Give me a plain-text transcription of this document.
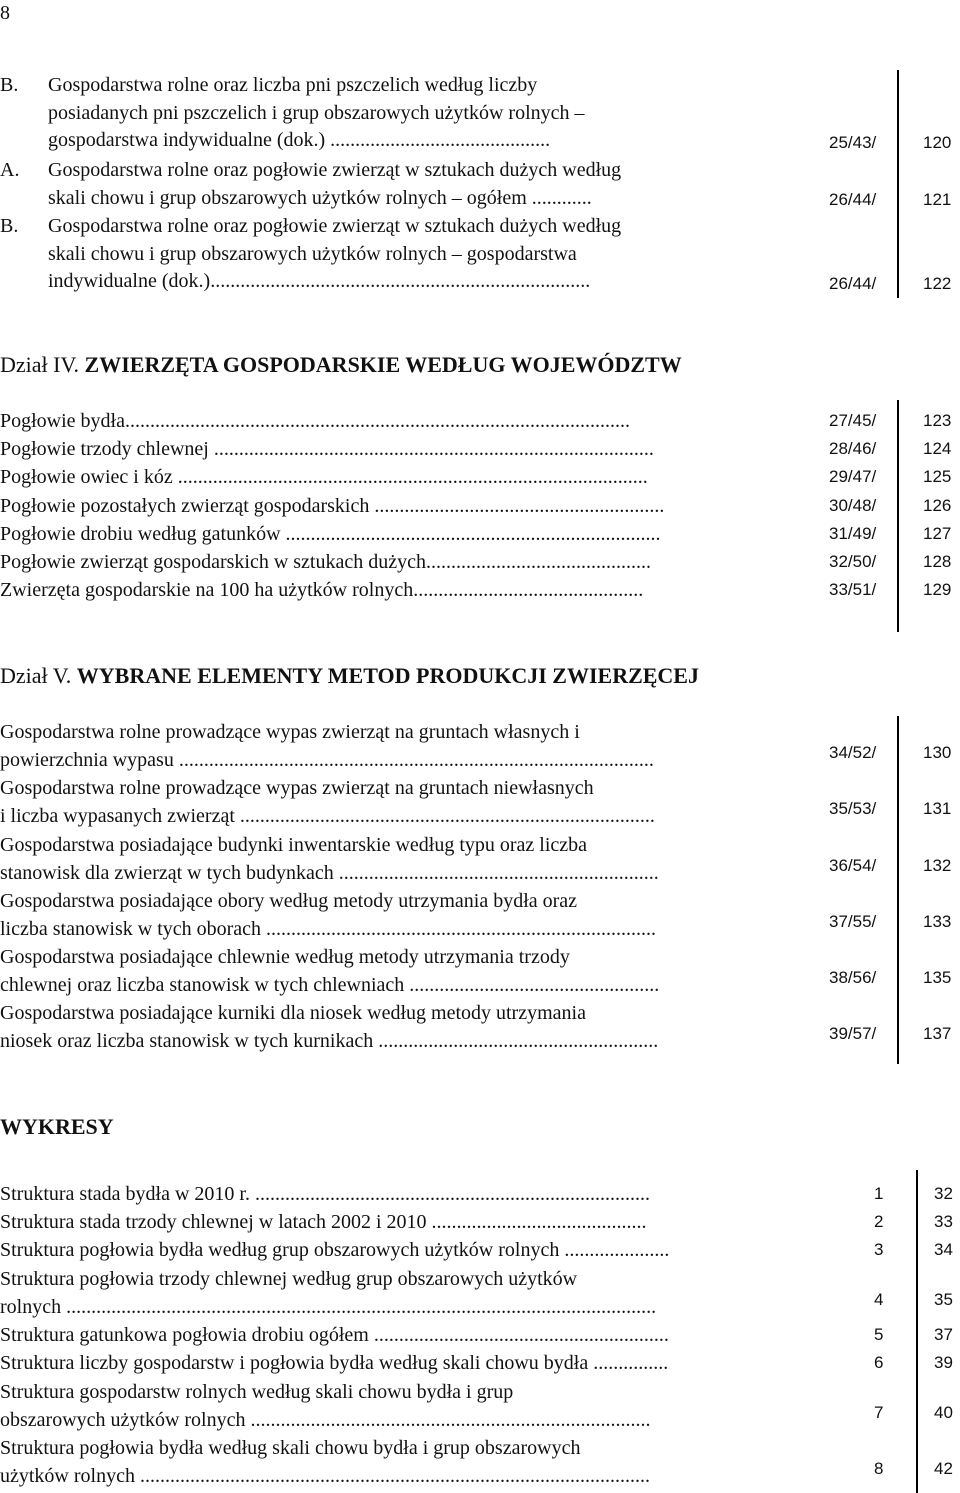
8
B. Gospodarstwa rolne oraz liczba pni pszczelich według liczby
posiadanych pni pszczelich i grup obszarowych użytków rolnych –
gospodarstwa indywidualne (dok.) ............................................	25/43/	120
A. Gospodarstwa rolne oraz pogłowie zwierząt w sztukach dużych według
skali chowu i grup obszarowych użytków rolnych – ogółem ............	26/44/	121
B. Gospodarstwa rolne oraz pogłowie zwierząt w sztukach dużych według
skali chowu i grup obszarowych użytków rolnych – gospodarstwa
indywidualne (dok.)............................................................................	26/44/	122
Dział IV. ZWIERZĘTA GOSPODARSKIE WEDŁUG WOJEWÓDZTW
Pogłowie bydła.....................................................................................................	27/45/	123
Pogłowie trzody chlewnej ........................................................................................	28/46/	124
Pogłowie owiec i kóz ..............................................................................................	29/47/	125
Pogłowie pozostałych zwierząt gospodarskich ..........................................................	30/48/	126
Pogłowie drobiu według gatunków ...........................................................................	31/49/	127
Pogłowie zwierząt gospodarskich w sztukach dużych.............................................	32/50/	128
Zwierzęta gospodarskie na 100 ha użytków rolnych..............................................	33/51/	129
Dział V. WYBRANE ELEMENTY METOD PRODUKCJI ZWIERZĘCEJ
Gospodarstwa rolne prowadzące wypas zwierząt na gruntach własnych i
powierzchnia wypasu ...............................................................................................	34/52/	130
Gospodarstwa rolne prowadzące wypas zwierząt na gruntach niewłasnych
i liczba wypasanych zwierząt ...................................................................................	35/53/	131
Gospodarstwa posiadające budynki inwentarskie według typu oraz liczba
stanowisk dla zwierząt w tych budynkach ................................................................	36/54/	132
Gospodarstwa posiadające obory według metody utrzymania bydła oraz
liczba stanowisk w tych oborach ..............................................................................	37/55/	133
Gospodarstwa posiadające chlewnie według metody utrzymania trzody
chlewnej oraz liczba stanowisk w tych chlewniach ..................................................	38/56/	135
Gospodarstwa posiadające kurniki dla niosek według metody utrzymania
niosek oraz liczba stanowisk w tych kurnikach ........................................................	39/57/	137
WYKRESY
Struktura stada bydła w 2010 r. ...............................................................................	1	32
Struktura stada trzody chlewnej w latach 2002 i 2010 ...........................................	2	33
Struktura pogłowia bydła według grup obszarowych użytków rolnych .....................	3	34
Struktura pogłowia trzody chlewnej według grup obszarowych użytków
rolnych ......................................................................................................................	4	35
Struktura gatunkowa pogłowia drobiu ogółem ...........................................................	5	37
Struktura liczby gospodarstw i pogłowia bydła według skali chowu bydła ...............	6	39
Struktura gospodarstw rolnych według skali chowu bydła i grup
obszarowych użytków rolnych ................................................................................	7	40
Struktura pogłowia bydła według skali chowu bydła i grup obszarowych
użytków rolnych ......................................................................................................	8	42
